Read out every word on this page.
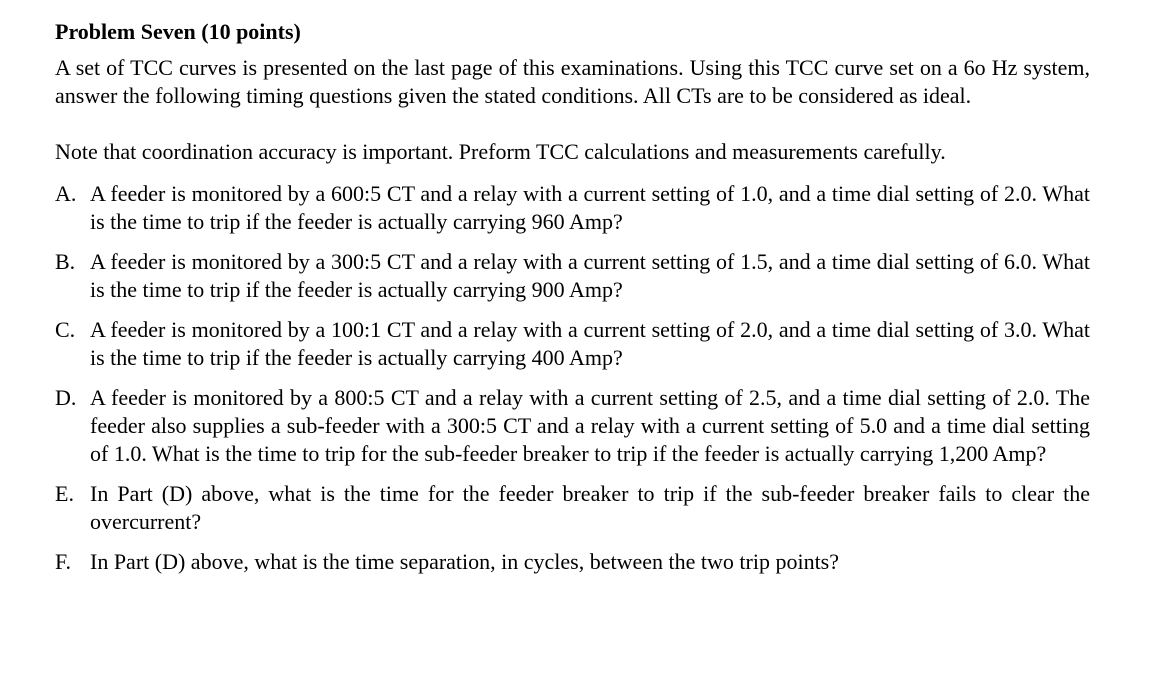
Problem Seven (10 points)

A set of TCC curves is presented on the last page of this examinations. Using this TCC curve set on a 6o Hz system, answer the following timing questions given the stated conditions. All CTs are to be considered as ideal.

Note that coordination accuracy is important. Preform TCC calculations and measurements carefully.

A. A feeder is monitored by a 600:5 CT and a relay with a current setting of 1.0, and a time dial setting of 2.0. What is the time to trip if the feeder is actually carrying 960 Amp?
B. A feeder is monitored by a 300:5 CT and a relay with a current setting of 1.5, and a time dial setting of 6.0. What is the time to trip if the feeder is actually carrying 900 Amp?
C. A feeder is monitored by a 100:1 CT and a relay with a current setting of 2.0, and a time dial setting of 3.0. What is the time to trip if the feeder is actually carrying 400 Amp?
D. A feeder is monitored by a 800:5 CT and a relay with a current setting of 2.5, and a time dial setting of 2.0. The feeder also supplies a sub-feeder with a 300:5 CT and a relay with a current setting of 5.0 and a time dial setting of 1.0. What is the time to trip for the sub-feeder breaker to trip if the feeder is actually carrying 1,200 Amp?
E. In Part (D) above, what is the time for the feeder breaker to trip if the sub-feeder breaker fails to clear the overcurrent?
F. In Part (D) above, what is the time separation, in cycles, between the two trip points?
